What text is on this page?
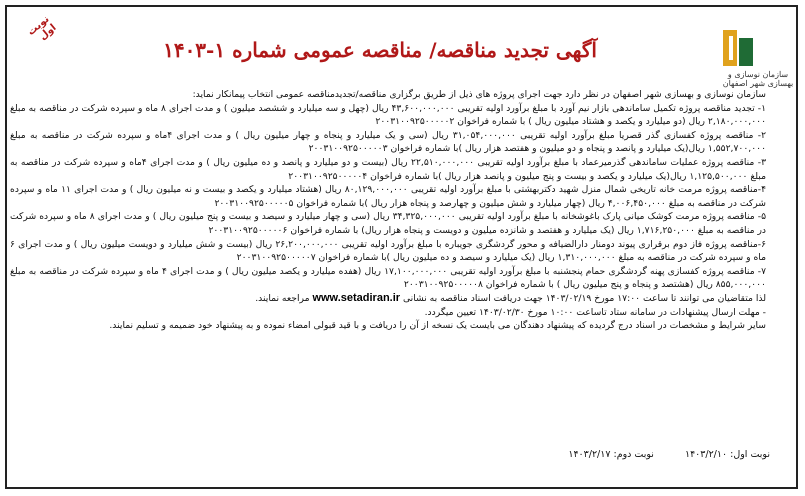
سازمان نوسازی و بهسازی شهر اصفهان
نوبت اول
آگهی تجدید مناقصه/ مناقصه عمومی شماره ۱-۱۴۰۳

سازمان نوسازی و بهسازی شهر اصفهان در نظر دارد جهت اجرای پروژه های ذیل از طریق برگزاری مناقصه/تجدیدمناقصه عمومی انتخاب پیمانکار نماید:

۱- تجدید مناقصه پروژه تکمیل ساماندهی بازار نیم آورد با مبلغ برآورد اولیه تقریبی ۴۳,۶۰۰,۰۰۰,۰۰۰ ریال (چهل و سه میلیارد و ششصد میلیون ) و مدت اجرای ۸ ماه و سپرده شرکت در مناقصه به مبلغ ۲,۱۸۰,۰۰۰,۰۰۰ ریال (دو میلیارد و یکصد و هشتاد میلیون ریال ) با شماره فراخوان ۲۰۰۳۱۰۰۹۲۵۰۰۰۰۰۲

۲- مناقصه پروژه کفسازی گذر قصریا مبلغ برآورد اولیه تقریبی ۳۱,۰۵۴,۰۰۰,۰۰۰ ریال (سی و یک میلیارد و پنجاه و چهار میلیون ریال ) و مدت اجرای ۴ماه و سپرده شرکت در مناقصه به مبلغ ۱,۵۵۲,۷۰۰,۰۰۰ ریال(یک میلیارد و پانصد و پنجاه و دو میلیون و هفتصد هزار ریال )با شماره فراخوان ۲۰۰۳۱۰۰۹۲۵۰۰۰۰۰۳

۳- مناقصه پروژه عملیات ساماندهی گذرمیرعماد با مبلغ برآورد اولیه تقریبی ۲۲,۵۱۰,۰۰۰,۰۰۰ ریال (بیست و دو میلیارد و پانصد و ده میلیون ریال ) و مدت اجرای ۴ماه و سپرده شرکت در مناقصه به مبلغ ۱,۱۲۵,۵۰۰,۰۰۰ ریال(یک میلیارد و یکصد و بیست و پنج میلیون و پانصد هزار ریال )با شماره فراخوان ۲۰۰۳۱۰۰۹۲۵۰۰۰۰۰۴

۴-مناقصه پروژه مرمت خانه تاریخی شمال منزل شهید دکتربهشتی با مبلغ برآورد اولیه تقریبی ۸۰,۱۲۹,۰۰۰,۰۰۰ ریال (هشتاد میلیارد و یکصد و بیست و نه میلیون ریال ) و مدت اجرای ۱۱ ماه و سپرده شرکت در مناقصه به مبلغ ۴,۰۰۶,۴۵۰,۰۰۰ ریال (چهار میلیارد و شش میلیون و چهارصد و پنجاه هزار ریال )با شماره فراخوان ۲۰۰۳۱۰۰۹۲۵۰۰۰۰۰۵

۵- مناقصه پروژه مرمت کوشک میانی پارک باغوشخانه با مبلغ برآورد اولیه تقریبی ۳۴,۳۲۵,۰۰۰,۰۰۰ ریال (سی و چهار میلیارد و سیصد و بیست و پنج میلیون ریال ) و مدت اجرای ۸ ماه و سپرده شرکت در مناقصه به مبلغ ۱,۷۱۶,۲۵۰,۰۰۰ ریال (یک میلیارد و هفتصد و شانزده میلیون و دویست و پنجاه هزار ریال) با شماره فراخوان ۲۰۰۳۱۰۰۹۲۵۰۰۰۰۰۶

۶-مناقصه پروژه فاز دوم برقراری پیوند دومنار دارالضیافه و محور گردشگری جویباره با مبلغ برآورد اولیه تقریبی ۲۶,۲۰۰,۰۰۰,۰۰۰ ریال (بیست و شش میلیارد و دویست میلیون ریال ) و مدت اجرای ۶ ماه و سپرده شرکت در مناقصه به مبلغ ۱,۳۱۰,۰۰۰,۰۰۰ ریال (یک میلیارد و سیصد و ده میلیون ریال )با شماره فراخوان ۲۰۰۳۱۰۰۹۲۵۰۰۰۰۰۷

۷- مناقصه پروژه کفسازی پهنه گردشگری حمام پنجشنبه با مبلغ برآورد اولیه تقریبی ۱۷,۱۰۰,۰۰۰,۰۰۰ ریال (هفده میلیارد و یکصد میلیون ریال ) و مدت اجرای ۴ ماه و سپرده شرکت در مناقصه به مبلغ ۸۵۵,۰۰۰,۰۰۰ ریال (هشتصد و پنجاه و پنج میلیون ریال ) با شماره فراخوان ۲۰۰۳۱۰۰۹۲۵۰۰۰۰۰۸

لذا متقاضیان می توانند تا ساعت ۱۷:۰۰ مورخ ۱۴۰۳/۰۲/۱۹ جهت دریافت اسناد مناقصه به نشانی www.setadiran.ir مراجعه نمایند.

- مهلت ارسال پیشنهادات در سامانه ستاد تاساعت ۱۰:۰۰ مورخ ۱۴۰۳/۰۲/۳۰ تعیین میگردد.

سایر شرایط و مشخصات در اسناد درج گردیده که پیشنهاد دهندگان می بایست یک نسخه از آن را دریافت و با قید قبولی امضاء نموده و به پیشنهاد خود ضمیمه و تسلیم نمایند.

نوبت اول: ۱۴۰۳/۲/۱۰ نوبت دوم: ۱۴۰۳/۲/۱۷
